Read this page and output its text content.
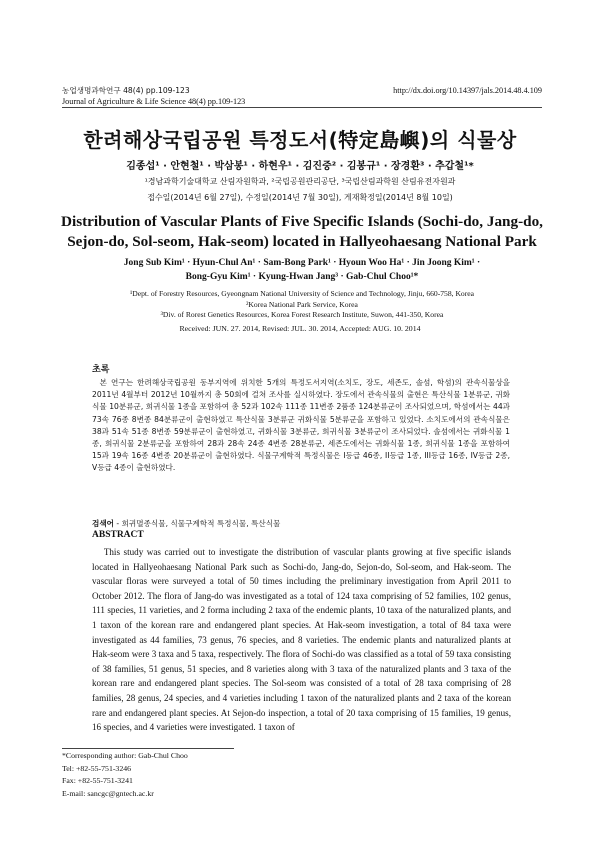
농업생명과학연구 48(4) pp.109-123	http://dx.doi.org/10.14397/jals.2014.48.4.109
Journal of Agriculture & Life Science 48(4) pp.109-123
한려해상국립공원 특정도서(特定島嶼)의 식물상
김종섭¹ · 안현철¹ · 박삼봉¹ · 하현우¹ · 김진중² · 김봉규¹ · 장경환³ · 추갑철¹*
¹경남과학기술대학교 산림자원학과, ²국립공원관리공단, ³국립산림과학원 산림유전자원과
접수일(2014년 6월 27일), 수정일(2014년 7월 30일), 게재확정일(2014년 8월 10일)
Distribution of Vascular Plants of Five Specific Islands (Sochi-do, Jang-do, Sejon-do, Sol-seom, Hak-seom) located in Hallyeohaesang National Park
Jong Sub Kim¹ · Hyun-Chul An¹ · Sam-Bong Park¹ · Hyoun Woo Ha¹ · Jin Joong Kim¹ ·
Bong-Gyu Kim¹ · Kyung-Hwan Jang³ · Gab-Chul Choo¹*
¹Dept. of Forestry Resources, Gyeongnam National University of Science and Technology, Jinju, 660-758, Korea
²Korea National Park Service, Korea
³Div. of Rorest Genetics Resources, Korea Forest Research Institute, Suwon, 441-350, Korea
Received: JUN. 27. 2014, Revised: JUL. 30. 2014, Accepted: AUG. 10. 2014
초록
본 연구는 한려해상국립공원 동부지역에 위치한 5개의 특정도서지역(소치도, 장도, 세존도, 솔섬, 학섬)의 관속식물상을 2011년 4월부터 2012년 10월까지 총 50회에 걸쳐 조사를 실시하였다. 장도에서 관속식물의 출현은 특산식물 1분류군, 귀화식물 10분류군, 희귀식물 1종을 포함하여 총 52과 102속 111종 11변종 2품종 124분류군이 조사되었으며, 학섬에서는 44과 73속 76종 8변종 84분류군이 출현하였고 특산식물 3분류군 귀화식물 5분류군을 포함하고 있었다. 소치도에서의 관속식물은 38과 51속 51종 8변종 59분류군이 출현하였고, 귀화식물 3분류군, 희귀식물 3분류군이 조사되었다. 솔섬에서는 귀화식물 1종, 희귀식물 2분류군을 포함하여 28과 28속 24종 4변종 28분류군, 세존도에서는 귀화식물 1종, 희귀식물 1종을 포함하여 15과 19속 16종 4변종 20분류군이 출현하였다. 식물구계학적 특정식물은 I등급 46종, II등급 1종, III등급 16종, IV등급 2종, V등급 4종이 출현하였다.
검색어 - 희귀멸종식물, 식물구계학적 특정식물, 특산식물
ABSTRACT
This study was carried out to investigate the distribution of vascular plants growing at five specific islands located in Hallyeohaesang National Park such as Sochi-do, Jang-do, Sejon-do, Sol-seom, and Hak-seom. The vascular floras were surveyed a total of 50 times including the preliminary investigation from April 2011 to October 2012. The flora of Jang-do was investigated as a total of 124 taxa comprising of 52 families, 102 genus, 111 species, 11 varieties, and 2 forma including 2 taxa of the endemic plants, 10 taxa of the naturalized plants, and 1 taxon of the korean rare and endangered plant species. At Hak-seom investigation, a total of 84 taxa were investigated as 44 families, 73 genus, 76 species, and 8 varieties. The endemic plants and naturalized plants at Hak-seom were 3 taxa and 5 taxa, respectively. The flora of Sochi-do was classified as a total of 59 taxa consisting of 38 families, 51 genus, 51 species, and 8 varieties along with 3 taxa of the naturalized plants and 3 taxa of the korean rare and endangered plant species. The Sol-seom was consisted of a total of 28 taxa comprising of 28 families, 28 genus, 24 species, and 4 varieties including 1 taxon of the naturalized plants and 2 taxa of the korean rare and endangered plant species. At Sejon-do inspection, a total of 20 taxa comprising of 15 families, 19 genus, 16 species, and 4 varieties were investigated. 1 taxon of
*Corresponding author: Gab-Chul Choo
Tel: +82-55-751-3246
Fax: +82-55-751-3241
E-mail: sancgc@gntech.ac.kr
